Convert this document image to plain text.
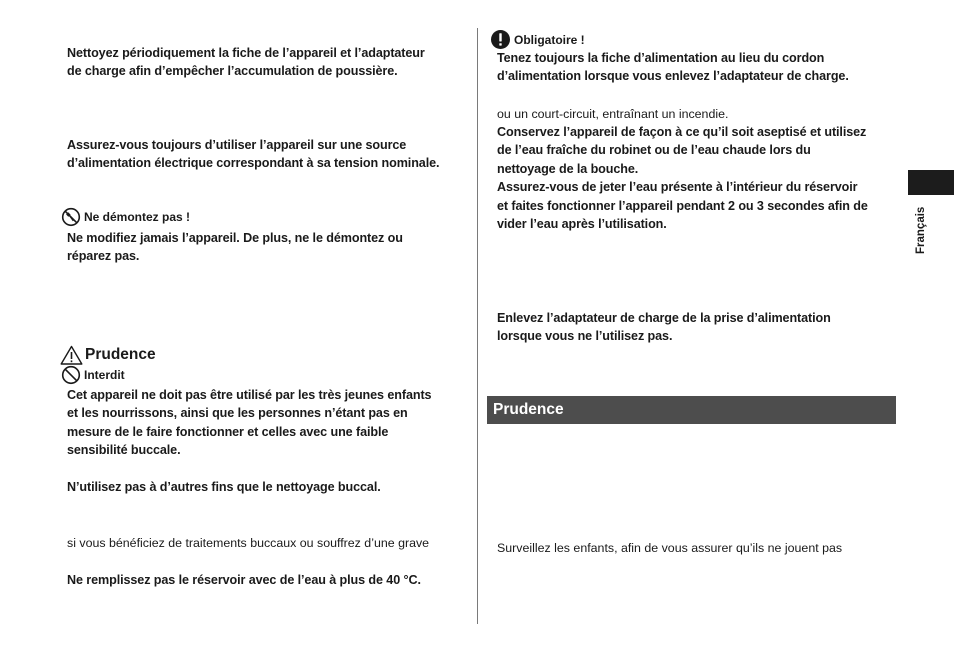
Nettoyez périodiquement la fiche de l’appareil et l’adaptateur
de charge afin d’empêcher l’accumulation de poussière.

Assurez-vous toujours d’utiliser l’appareil sur une source
d’alimentation électrique correspondant à sa tension nominale.

Ne démontez pas !

Ne modifiez jamais l’appareil. De plus, ne le démontez ou
réparez pas.

Prudence
Interdit

Cet appareil ne doit pas être utilisé par les très jeunes enfants
et les nourrissons, ainsi que les personnes n’étant pas en
mesure de le faire fonctionner et celles avec une faible
sensibilité buccale.

N’utilisez pas à d’autres fins que le nettoyage buccal.

si vous bénéficiez de traitements buccaux ou souffrez d’une grave

Ne remplissez pas le réservoir avec de l’eau à plus de 40 °C.

Obligatoire !

Tenez toujours la fiche d’alimentation au lieu du cordon
d’alimentation lorsque vous enlevez l’adaptateur de charge.

ou un court-circuit, entraînant un incendie.

Conservez l’appareil de façon à ce qu’il soit aseptisé et utilisez
de l’eau fraîche du robinet ou de l’eau chaude lors du
nettoyage de la bouche.
Assurez-vous de jeter l’eau présente à l’intérieur du réservoir
et faites fonctionner l’appareil pendant 2 ou 3 secondes afin de
vider l’eau après l’utilisation.

Enlevez l’adaptateur de charge de la prise d’alimentation
lorsque vous ne l’utilisez pas.

Prudence

Surveillez les enfants, afin de vous assurer qu’ils ne jouent pas

Français
